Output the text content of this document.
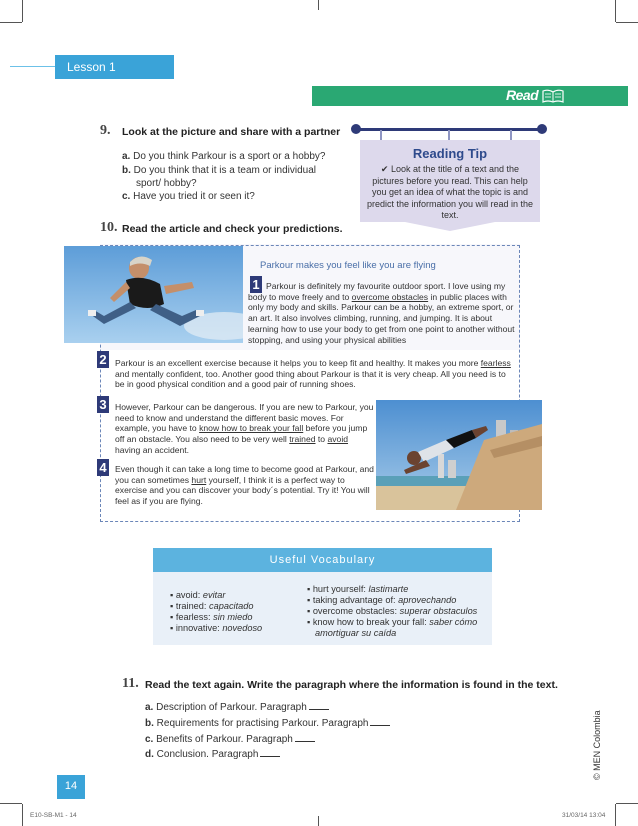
Lesson 1
Read
9. Look at the picture and share with a partner
a. Do you think Parkour is a sport or a hobby?
b. Do you think that it is a team or individual sport/ hobby?
c. Have you tried it or seen it?
Reading Tip
✔ Look at the title of a text and the pictures before you read. This can help you get an idea of what the topic is and predict the information you will read in the text.
10. Read the article and check your predictions.
Parkour makes you feel like you are flying
1 Parkour is definitely my favourite outdoor sport. I love using my body to move freely and to overcome obstacles in public places with only my body and skills. Parkour can be a hobby, an extreme sport, or an art. It also involves climbing, running, and jumping. It is about learning how to use your body to get from one point to another without stopping, and using your physical abilities
2 Parkour is an excellent exercise because it helps you to keep fit and healthy. It makes you more fearless and mentally confident, too. Another good thing about Parkour is that it is very cheap. All you need is to be in good physical condition and a good pair of running shoes.
3 However, Parkour can be dangerous. If you are new to Parkour, you need to know and understand the different basic moves. For example, you have to know how to break your fall before you jump off an obstacle. You also need to be very well trained to avoid having an accident.
4 Even though it can take a long time to become good at Parkour, and you can sometimes hurt yourself, I think it is a perfect way to exercise and you can discover your body´s potential. Try it! You will feel as if you are flying.
Useful Vocabulary
▪ avoid: evitar
▪ trained: capacitado
▪ fearless: sin miedo
▪ innovative: novedoso
▪ hurt yourself: lastimarte
▪ taking advantage of: aprovechando
▪ overcome obstacles: superar obstaculos
▪ know how to break your fall: saber cómo amortiguar su caída
11. Read the text again. Write the paragraph where the information is found in the text.
a. Description of Parkour. Paragraph
b. Requirements for practising Parkour. Paragraph
c. Benefits of Parkour. Paragraph
d. Conclusion. Paragraph	© MEN Colombia
14
E10-SB-M1 - 14	31/03/14 13:04
